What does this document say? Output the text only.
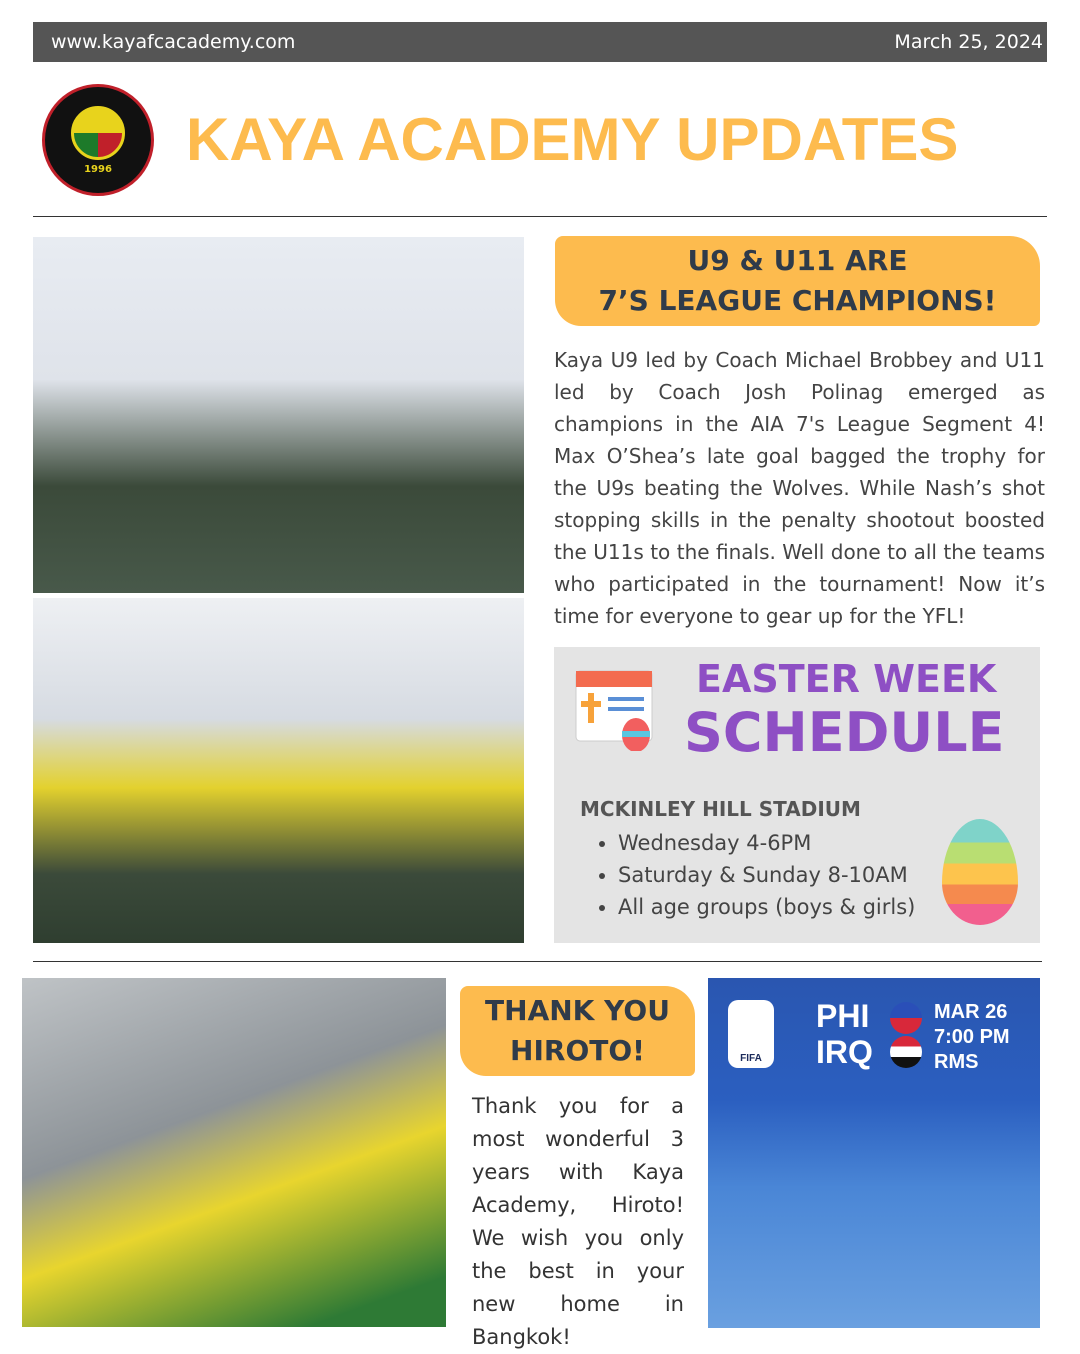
www.kayafcacademy.com	March 25, 2024
1996 KAYA ACADEMY UPDATES
U9 & U11 ARE
7’S LEAGUE CHAMPIONS!
Kaya U9 led by Coach Michael Brobbey and U11 led by Coach Josh Polinag emerged as champions in the AIA 7's League Segment 4! Max O’Shea’s late goal bagged the trophy for the U9s beating the Wolves. While Nash’s shot stopping skills in the penalty shootout boosted the U11s to the finals. Well done to all the teams who participated in the tournament! Now it’s time for everyone to gear up for the YFL!
EASTER WEEK
SCHEDULE
MCKINLEY HILL STADIUM
• Wednesday 4-6PM
• Saturday & Sunday 8-10AM
• All age groups (boys & girls)
THANK YOU
HIROTO!
Thank you for a most wonderful 3 years with Kaya Academy, Hiroto! We wish you only the best in your new home in Bangkok!
FIFA
PHI
IRQ
MAR 26
7:00 PM
RMS
